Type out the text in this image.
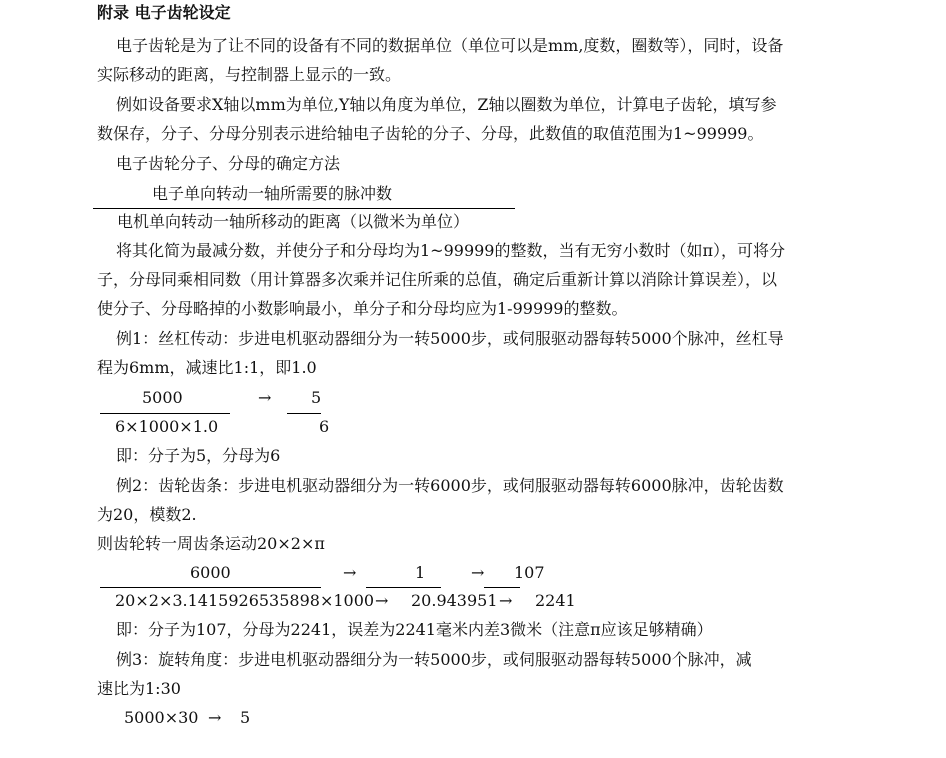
附录 电子齿轮设定
电子齿轮是为了让不同的设备有不同的数据单位（单位可以是mm,度数，圈数等），同时，设备
实际移动的距离，与控制器上显示的一致。
例如设备要求X轴以mm为单位,Y轴以角度为单位，Z轴以圈数为单位，计算电子齿轮，填写参
数保存，分子、分母分别表示进给轴电子齿轮的分子、分母，此数值的取值范围为1~99999。
电子齿轮分子、分母的确定方法
电子单向转动一轴所需要的脉冲数
电机单向转动一轴所移动的距离（以微米为单位）
将其化简为最减分数，并使分子和分母均为1~99999的整数，当有无穷小数时（如π），可将分
子，分母同乘相同数（用计算器多次乘并记住所乘的总值，确定后重新计算以消除计算误差），以
使分子、分母略掉的小数影响最小，单分子和分母均应为1-99999的整数。
例1：丝杠传动：步进电机驱动器细分为一转5000步，或伺服驱动器每转5000个脉冲，丝杠导
程为6mm，减速比1:1，即1.0
5000
6×1000×1.0
→ 5
6
即：分子为5，分母为6
例2：齿轮齿条：步进电机驱动器细分为一转6000步，或伺服驱动器每转6000脉冲，齿轮齿数
为20，模数2.
则齿轮转一周齿条运动20×2×π
6000
20×2×3.1415926535898×1000
→
→
1
20.943951
→
→
107
2241
即：分子为107，分母为2241，误差为2241毫米内差3微米（注意π应该足够精确）
例3：旋转角度：步进电机驱动器细分为一转5000步，或伺服驱动器每转5000个脉冲，减
速比为1:30
5000×30 → 5
